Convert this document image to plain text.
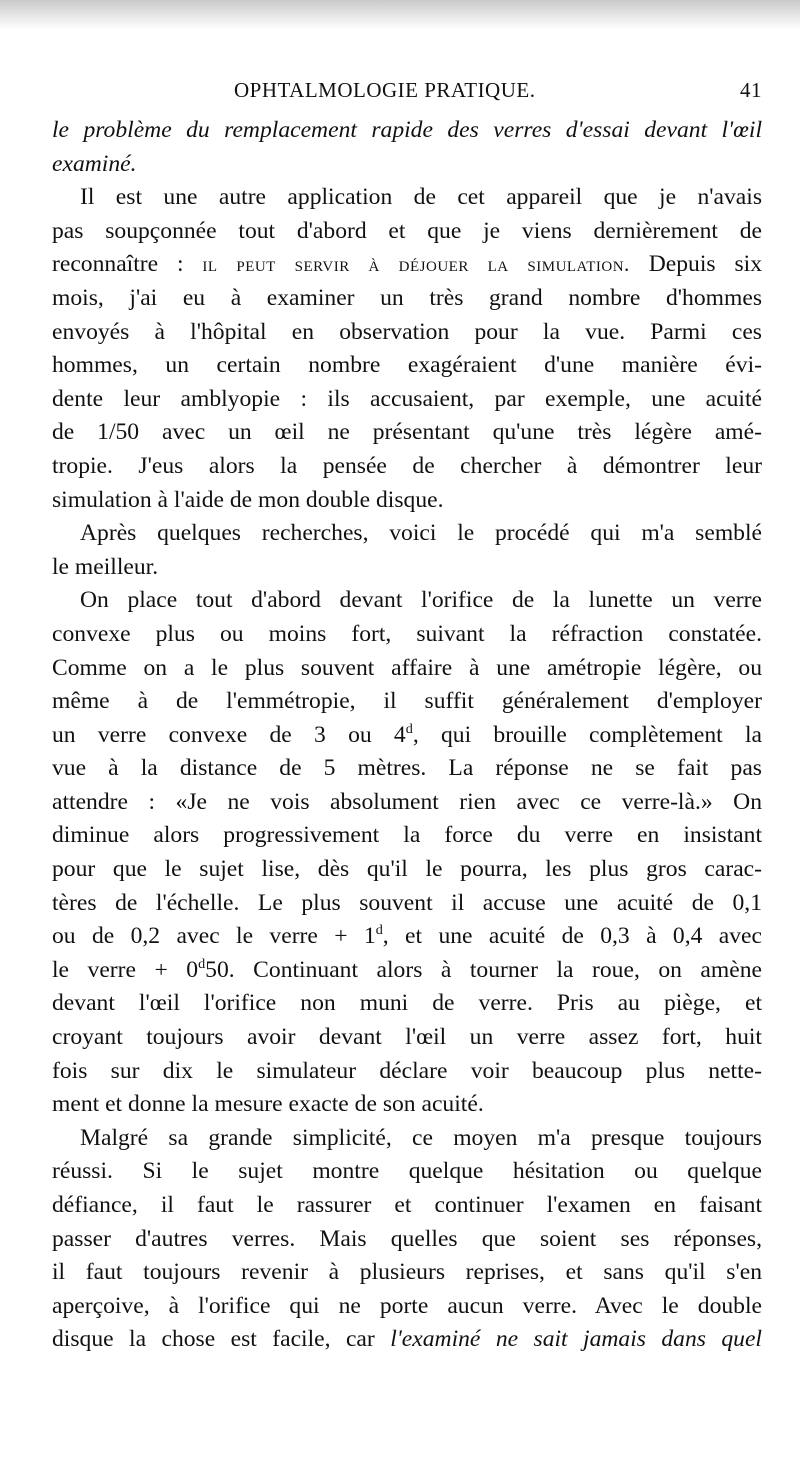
OPHTALMOLOGIE PRATIQUE.	41
le problème du remplacement rapide des verres d'essai devant l'œil
examiné.
Il est une autre application de cet appareil que je n'avais
pas soupçonnée tout d'abord et que je viens dernièrement de
reconnaître : il peut servir à déjouer la simulation. Depuis six
mois, j'ai eu à examiner un très grand nombre d'hommes
envoyés à l'hôpital en observation pour la vue. Parmi ces
hommes, un certain nombre exagéraient d'une manière évi-
dente leur amblyopie : ils accusaient, par exemple, une acuité
de 1/50 avec un œil ne présentant qu'une très légère amé-
tropie. J'eus alors la pensée de chercher à démontrer leur
simulation à l'aide de mon double disque.
Après quelques recherches, voici le procédé qui m'a semblé
le meilleur.
On place tout d'abord devant l'orifice de la lunette un verre
convexe plus ou moins fort, suivant la réfraction constatée.
Comme on a le plus souvent affaire à une amétropie légère, ou
même à de l'emmétropie, il suffit généralement d'employer
un verre convexe de 3 ou 4$^d$, qui brouille complètement la
vue à la distance de 5 mètres. La réponse ne se fait pas
attendre : «Je ne vois absolument rien avec ce verre-là.» On
diminue alors progressivement la force du verre en insistant
pour que le sujet lise, dès qu'il le pourra, les plus gros carac-
tères de l'échelle. Le plus souvent il accuse une acuité de 0,1
ou de 0,2 avec le verre + $1^d$, et une acuité de 0,3 à 0,4 avec
le verre + $0^d50$. Continuant alors à tourner la roue, on amène
devant l'œil l'orifice non muni de verre. Pris au piège, et
croyant toujours avoir devant l'œil un verre assez fort, huit
fois sur dix le simulateur déclare voir beaucoup plus nette-
ment et donne la mesure exacte de son acuité.
Malgré sa grande simplicité, ce moyen m'a presque toujours
réussi. Si le sujet montre quelque hésitation ou quelque
défiance, il faut le rassurer et continuer l'examen en faisant
passer d'autres verres. Mais quelles que soient ses réponses,
il faut toujours revenir à plusieurs reprises, et sans qu'il s'en
aperçoive, à l'orifice qui ne porte aucun verre. Avec le double
disque la chose est facile, car l'examiné ne sait jamais dans quel
